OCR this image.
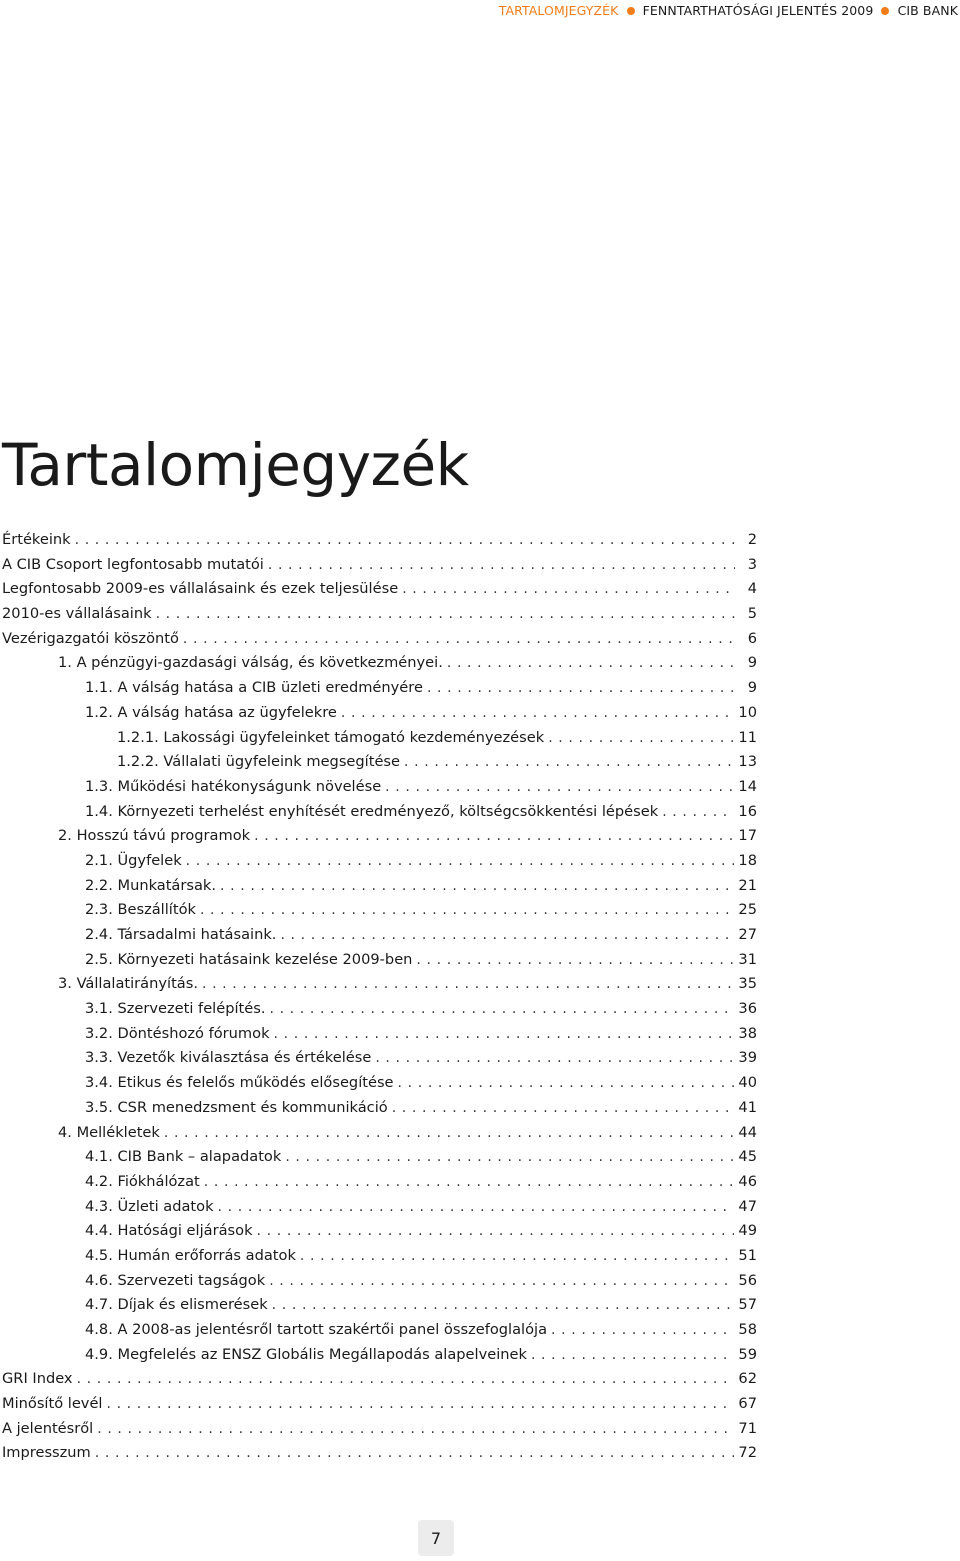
TARTALOMJEGYZÉK FENNTARTHATÓSÁGI JELENTÉS 2009 CIB BANK
Tartalomjegyzék
Értékeink . . .	2
A CIB Csoport legfontosabb mutatói . . .	3
Legfontosabb 2009-es vállalásaink és ezek teljesülése . . .	4
2010-es vállalásaink . . .	5
Vezérigazgatói köszöntő . . .	6
1. A pénzügyi-gazdasági válság, és következményei. . . .	9
1.1. A válság hatása a CIB üzleti eredményére . . .	9
1.2. A válság hatása az ügyfelekre . . .	10
1.2.1. Lakossági ügyfeleinket támogató kezdeményezések . . .	11
1.2.2. Vállalati ügyfeleink megsegítése . . .	13
1.3. Működési hatékonyságunk növelése . . .	14
1.4. Környezeti terhelést enyhítését eredményező, költségcsökkentési lépések . . .	16
2. Hosszú távú programok . . .	17
2.1. Ügyfelek . . .	18
2.2. Munkatársak. . . .	21
2.3. Beszállítók . . .	25
2.4. Társadalmi hatásaink. . . .	27
2.5. Környezeti hatásaink kezelése 2009-ben . . .	31
3. Vállalatirányítás. . . .	35
3.1. Szervezeti felépítés. . . .	36
3.2. Döntéshozó fórumok . . .	38
3.3. Vezetők kiválasztása és értékelése . . .	39
3.4. Etikus és felelős működés elősegítése . . .	40
3.5. CSR menedzsment és kommunikáció . . .	41
4. Mellékletek . . .	44
4.1. CIB Bank – alapadatok . . .	45
4.2. Fiókhálózat . . .	46
4.3. Üzleti adatok . . .	47
4.4. Hatósági eljárások . . .	49
4.5. Humán erőforrás adatok . . .	51
4.6. Szervezeti tagságok . . .	56
4.7. Díjak és elismerések . . .	57
4.8. A 2008-as jelentésről tartott szakértői panel összefoglalója . . .	58
4.9. Megfelelés az ENSZ Globális Megállapodás alapelveinek . . .	59
GRI Index . . .	62
Minősítő levél . . .	67
A jelentésről . . .	71
Impresszum . . .	72
7
